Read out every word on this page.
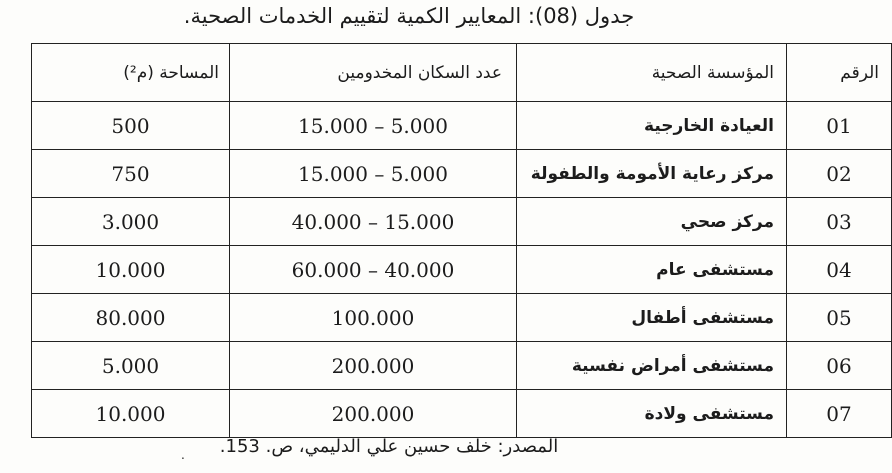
جدول (08): المعايير الكمية لتقييم الخدمات الصحية.
الرقم	المؤسسة الصحية	عدد السكان المخدومين	المساحة (م²)
01	العيادة الخارجية	15.000 – 5.000	500
02	مركز رعاية الأمومة والطفولة	15.000 – 5.000	750
03	مركز صحي	40.000 – 15.000	3.000
04	مستشفى عام	60.000 – 40.000	10.000
05	مستشفى أطفال	100.000	80.000
06	مستشفى أمراض نفسية	200.000	5.000
07	مستشفى ولادة	200.000	10.000
المصدر: خلف حسين علي الدليمي، ص. 153.
.
